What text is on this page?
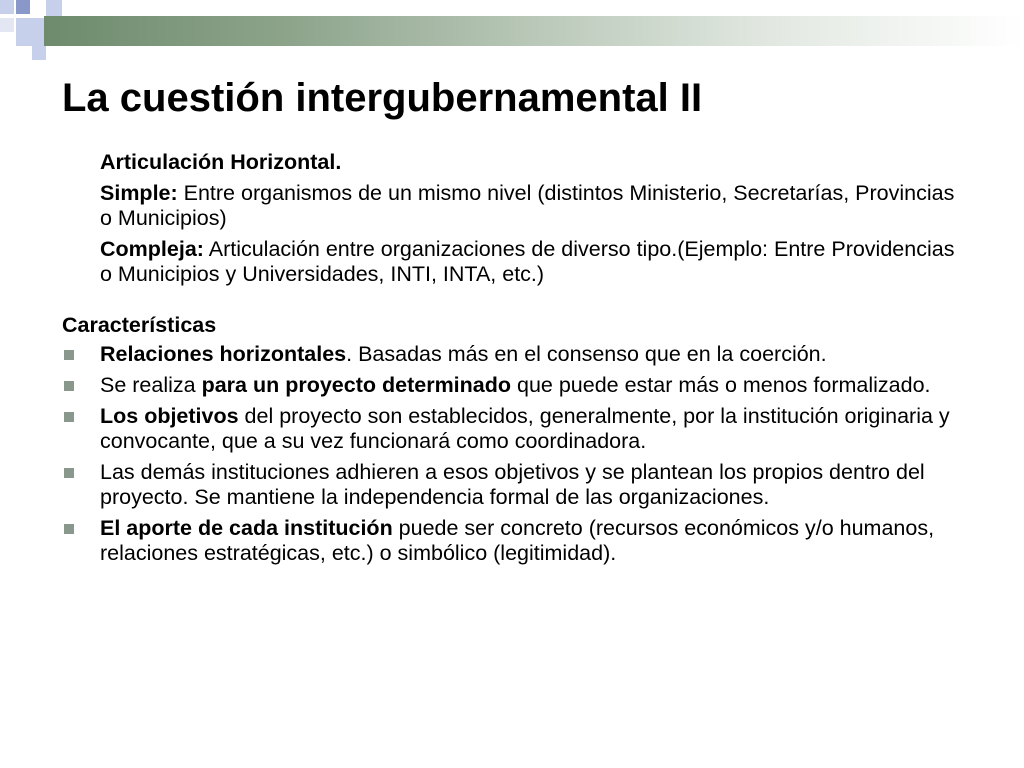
La cuestión intergubernamental II

Articulación Horizontal.

Simple: Entre organismos de un mismo nivel (distintos Ministerio, Secretarías, Provincias o Municipios)

Compleja: Articulación entre organizaciones de diverso tipo.(Ejemplo: Entre Providencias o Municipios y Universidades, INTI, INTA, etc.)

Características

Relaciones horizontales. Basadas más en el consenso que en la coerción.
Se realiza para un proyecto determinado que puede estar más o menos formalizado.
Los objetivos del proyecto son establecidos, generalmente, por la institución originaria y convocante, que a su vez funcionará como coordinadora.
Las demás instituciones adhieren a esos objetivos y se plantean los propios dentro del proyecto. Se mantiene la independencia formal de las organizaciones.
El aporte de cada institución puede ser concreto (recursos económicos y/o humanos, relaciones estratégicas, etc.) o simbólico (legitimidad).
